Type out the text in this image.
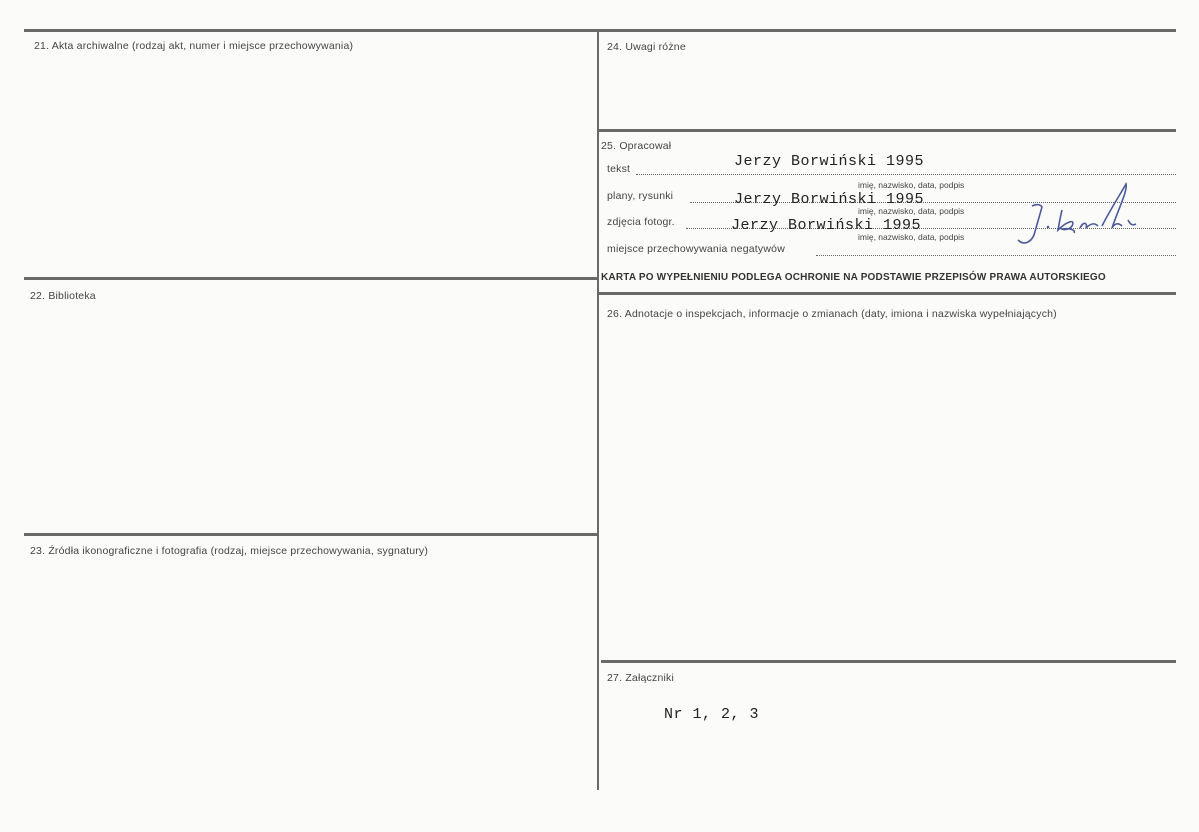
21. Akta archiwalne (rodzaj akt, numer i miejsce przechowywania)
22. Biblioteka
23. Źródła ikonograficzne i fotografia (rodzaj, miejsce przechowywania, sygnatury)
24. Uwagi różne
25. Opracował
tekst	Jerzy Borwiński 1995
imię, nazwisko, data, podpis
plany, rysunki	Jerzy Borwiński 1995
imię, nazwisko, data, podpis
zdjęcia fotogr.	Jerzy Borwiński 1995
imię, nazwisko, data, podpis
miejsce przechowywania negatywów
KARTA PO WYPEŁNIENIU PODLEGA OCHRONIE NA PODSTAWIE PRZEPISÓW PRAWA AUTORSKIEGO
26. Adnotacje o inspekcjach, informacje o zmianach (daty, imiona i nazwiska wypełniających)
27. Załączniki
Nr 1, 2, 3
